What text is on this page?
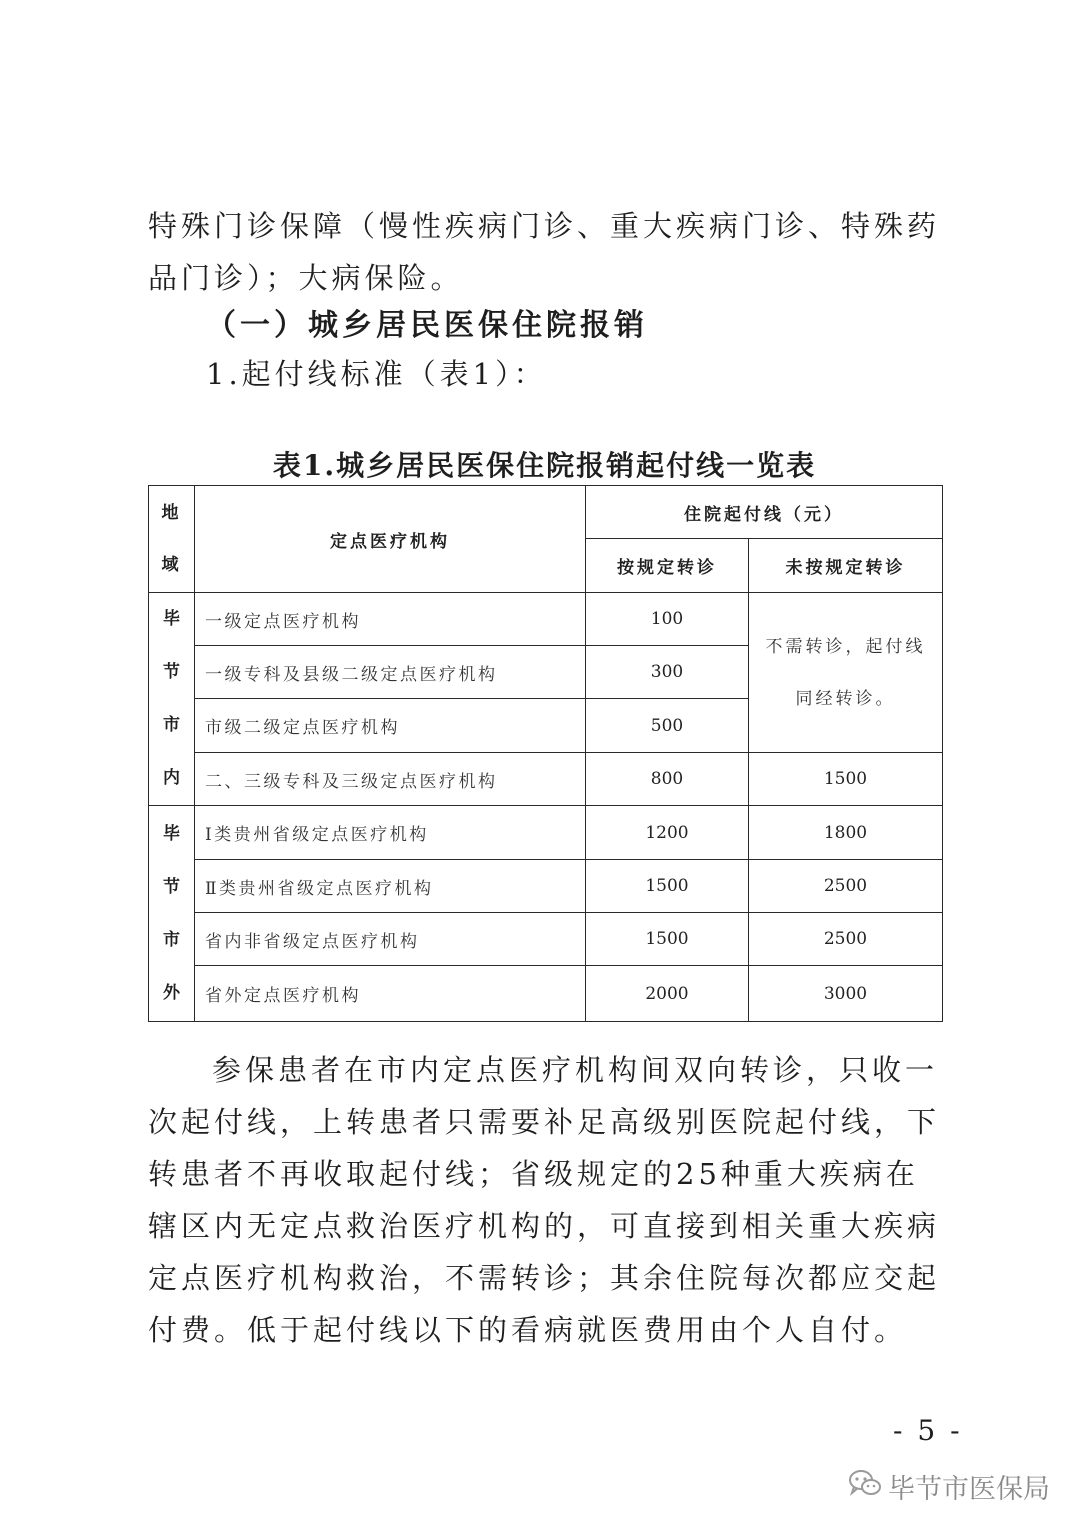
特殊门诊保障（慢性疾病门诊、重大疾病门诊、特殊药品门诊）；大病保险。

（一）城乡居民医保住院报销

1.起付线标准（表1）：

表1.城乡居民医保住院报销起付线一览表

地
域	定点医疗机构	住院起付线（元）	
		按规定转诊	未按规定转诊

毕
节
市
内	一级定点医疗机构	100	不需转诊，起付线
同经转诊。

	一级专科及县级二级定点医疗机构	300	
	市级二级定点医疗机构	500	
	二、三级专科及三级定点医疗机构	800	1500

毕
节
市
外	Ⅰ类贵州省级定点医疗机构	1200	1800
	Ⅱ类贵州省级定点医疗机构	1500	2500
	省内非省级定点医疗机构	1500	2500
	省外定点医疗机构	2000	3000

参保患者在市内定点医疗机构间双向转诊，只收一次起付线，上转患者只需要补足高级别医院起付线，下转患者不再收取起付线；省级规定的25种重大疾病在辖区内无定点救治医疗机构的，可直接到相关重大疾病定点医疗机构救治，不需转诊；其余住院每次都应交起付费。低于起付线以下的看病就医费用由个人自付。

- 5 -

毕节市医保局
